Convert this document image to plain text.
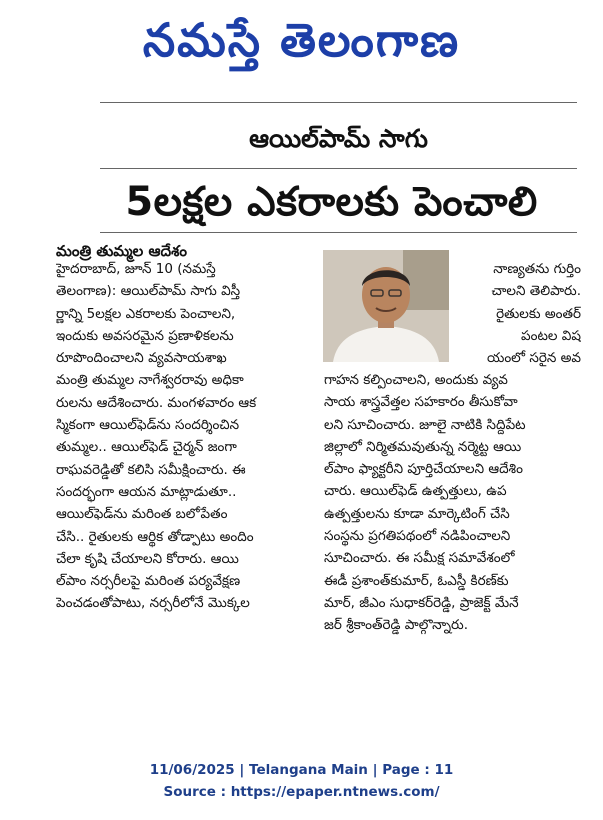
నమస్తే తెలంగాణ
ఆయిల్‌పామ్ సాగు
5లక్షల ఎకరాలకు పెంచాలి
మంత్రి తుమ్మల ఆదేశం
హైదరాబాద్, జూన్ 10 (నమస్తే
తెలంగాణ): ఆయిల్‌పామ్ సాగు విస్తీ
ర్ణాన్ని 5లక్షల ఎకరాలకు పెంచాలని,
ఇందుకు అవసరమైన ప్రణాళికలను
రూపొందించాలని వ్యవసాయశాఖ
మంత్రి తుమ్మల నాగేశ్వరరావు అధికా
రులను ఆదేశించారు. మంగళవారం ఆక
స్మికంగా ఆయిల్‌ఫెడ్‌ను సందర్శించిన
తుమ్మల.. ఆయిల్‌ఫెడ్ చైర్మన్ జంగా
రాఘవరెడ్డితో కలిసి సమీక్షించారు. ఈ
సందర్భంగా ఆయన మాట్లాడుతూ..
ఆయిల్‌ఫెడ్‌ను మరింత బలోపేతం
చేసి.. రైతులకు ఆర్థిక తోడ్పాటు అందిం
చేలా కృషి చేయాలని కోరారు. ఆయి
ల్‌పాం నర్సరీలపై మరింత పర్యవేక్షణ
పెంచడంతోపాటు, నర్సరీలోనే మొక్కల
నాణ్యతను గుర్తిం
చాలని తెలిపారు.
రైతులకు అంతర్
పంటల విష
యంలో సరైన అవ
గాహన కల్పించాలని, అందుకు వ్యవ
సాయ శాస్త్రవేత్తల సహకారం తీసుకోవా
లని సూచించారు. జూలై నాటికి సిద్దిపేట
జిల్లాలో నిర్మితమవుతున్న నర్మెట్ట ఆయి
ల్‌పాం ఫ్యాక్టరీని పూర్తిచేయాలని ఆదేశిం
చారు. ఆయిల్‌ఫెడ్ ఉత్పత్తులు, ఉప
ఉత్పత్తులను కూడా మార్కెటింగ్ చేసి
సంస్థను ప్రగతిపథంలో నడిపించాలని
సూచించారు. ఈ సమీక్ష సమావేశంలో
ఈడీ ప్రశాంత్‌కుమార్, ఓఎస్డీ కిరణ్‌కు
మార్, జీఎం సుధాకర్‌రెడ్డి, ప్రాజెక్ట్ మేనే
జర్ శ్రీకాంత్‌రెడ్డి పాల్గొన్నారు.
11/06/2025 | Telangana Main | Page : 11
Source : https://epaper.ntnews.com/
